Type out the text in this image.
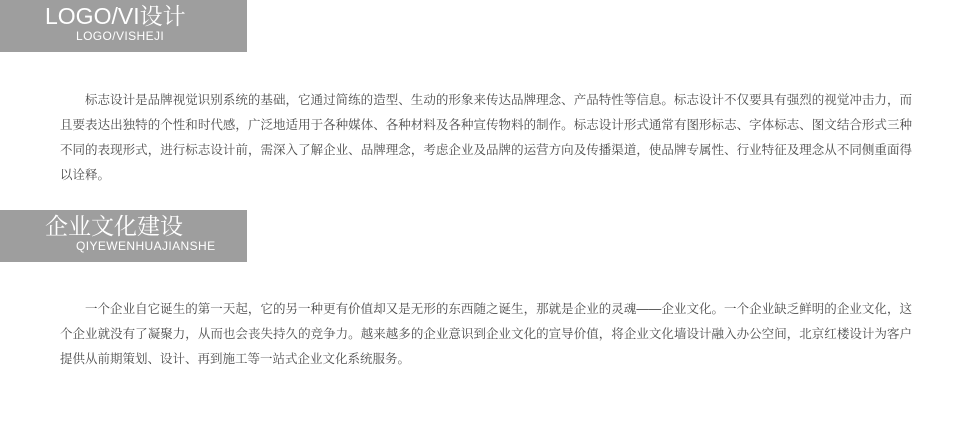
LOGO/VI设计
LOGO/VISHEJI
标志设计是品牌视觉识别系统的基础，它通过简练的造型、生动的形象来传达品牌理念、产品特性等信息。标志设计不仅要具有强烈的视觉冲击力，而且要表达出独特的个性和时代感，广泛地适用于各种媒体、各种材料及各种宣传物料的制作。标志设计形式通常有图形标志、字体标志、图文结合形式三种不同的表现形式，进行标志设计前，需深入了解企业、品牌理念，考虑企业及品牌的运营方向及传播渠道，使品牌专属性、行业特征及理念从不同侧重面得以诠释。
企业文化建设
QIYEWENHUAJIANSHE
一个企业自它诞生的第一天起，它的另一种更有价值却又是无形的东西随之诞生，那就是企业的灵魂——企业文化。一个企业缺乏鲜明的企业文化，这个企业就没有了凝聚力，从而也会丧失持久的竞争力。越来越多的企业意识到企业文化的宣导价值，将企业文化墙设计融入办公空间，北京红楼设计为客户提供从前期策划、设计、再到施工等一站式企业文化系统服务。
